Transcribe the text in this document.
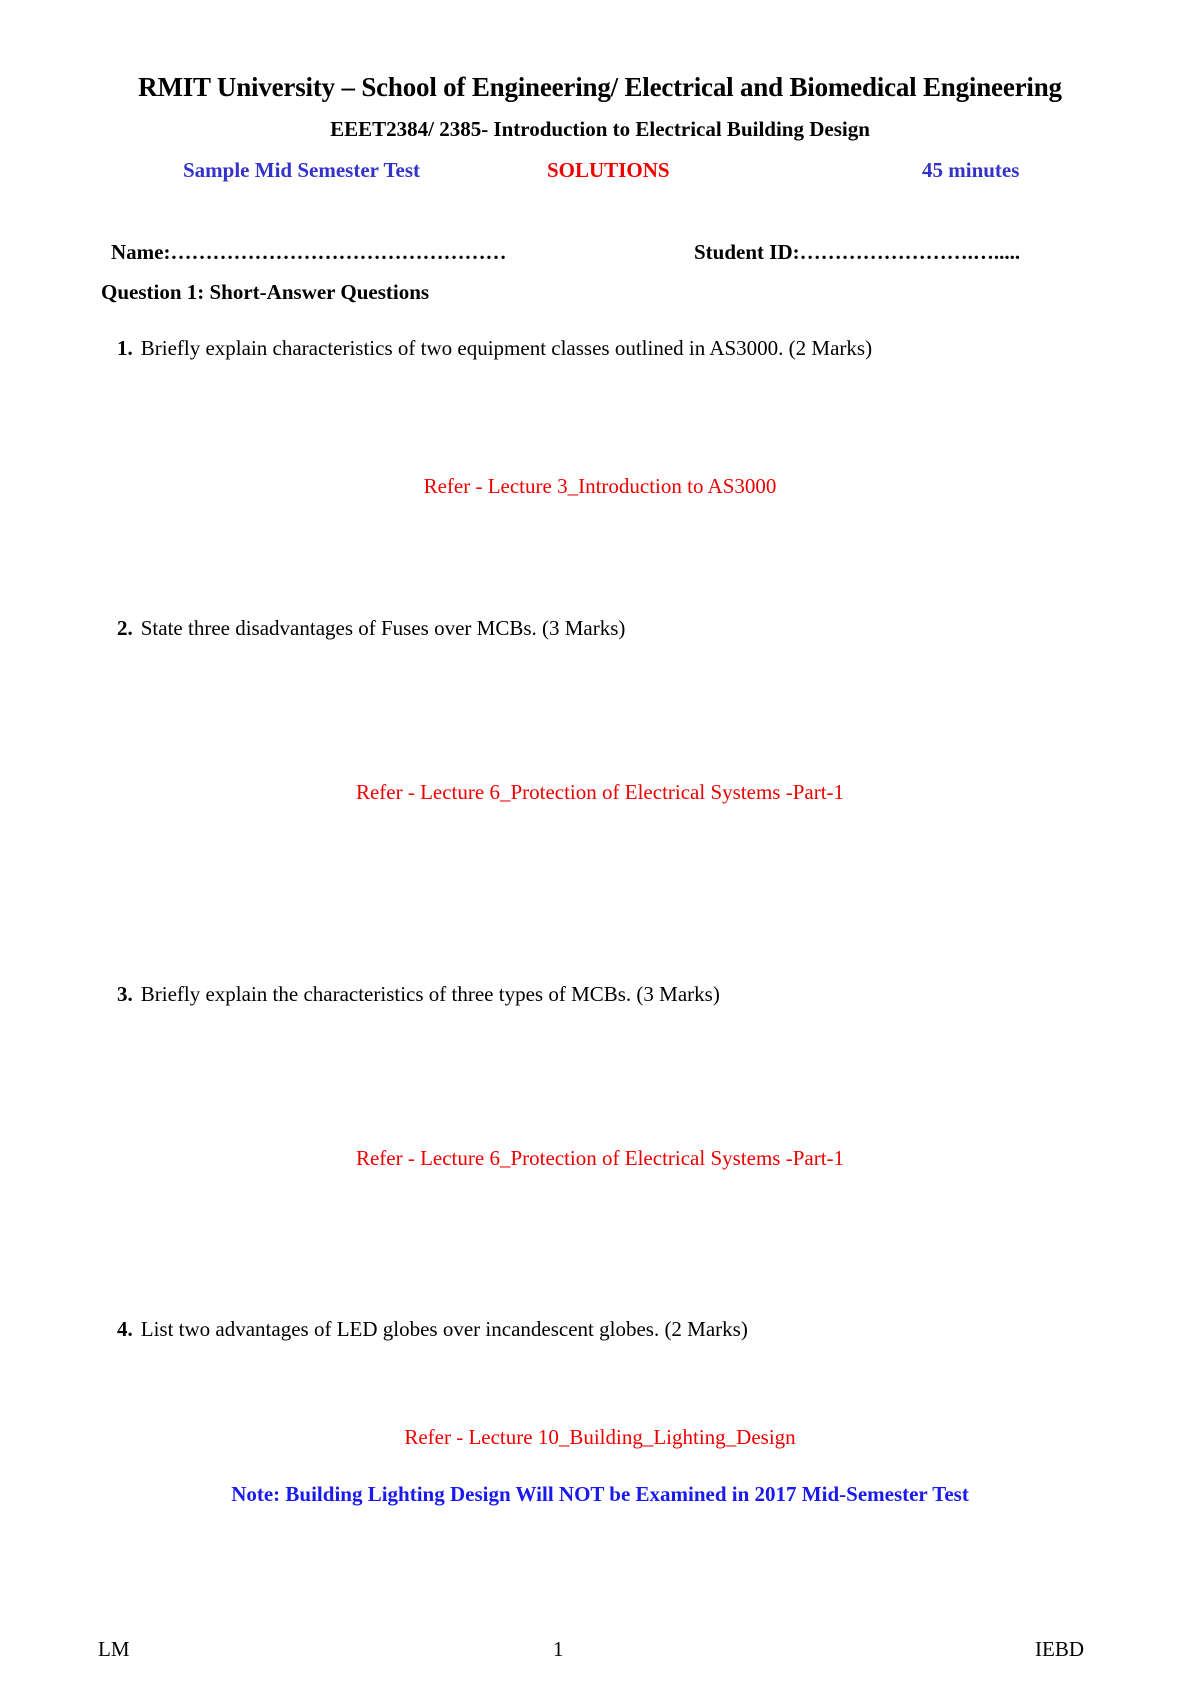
RMIT University – School of Engineering/ Electrical and Biomedical Engineering
EEET2384/ 2385- Introduction to Electrical Building Design
Sample Mid Semester Test	SOLUTIONS	45 minutes
Name:…………………………………………	Student ID:…………………….….....
Question 1: Short-Answer Questions
1. Briefly explain characteristics of two equipment classes outlined in AS3000. (2 Marks)
Refer - Lecture 3_Introduction to AS3000
2. State three disadvantages of Fuses over MCBs. (3 Marks)
Refer - Lecture 6_Protection of Electrical Systems -Part-1
3. Briefly explain the characteristics of three types of MCBs. (3 Marks)
Refer - Lecture 6_Protection of Electrical Systems -Part-1
4. List two advantages of LED globes over incandescent globes. (2 Marks)
Refer - Lecture 10_Building_Lighting_Design
Note: Building Lighting Design Will NOT be Examined in 2017 Mid-Semester Test
LM	1	IEBD
